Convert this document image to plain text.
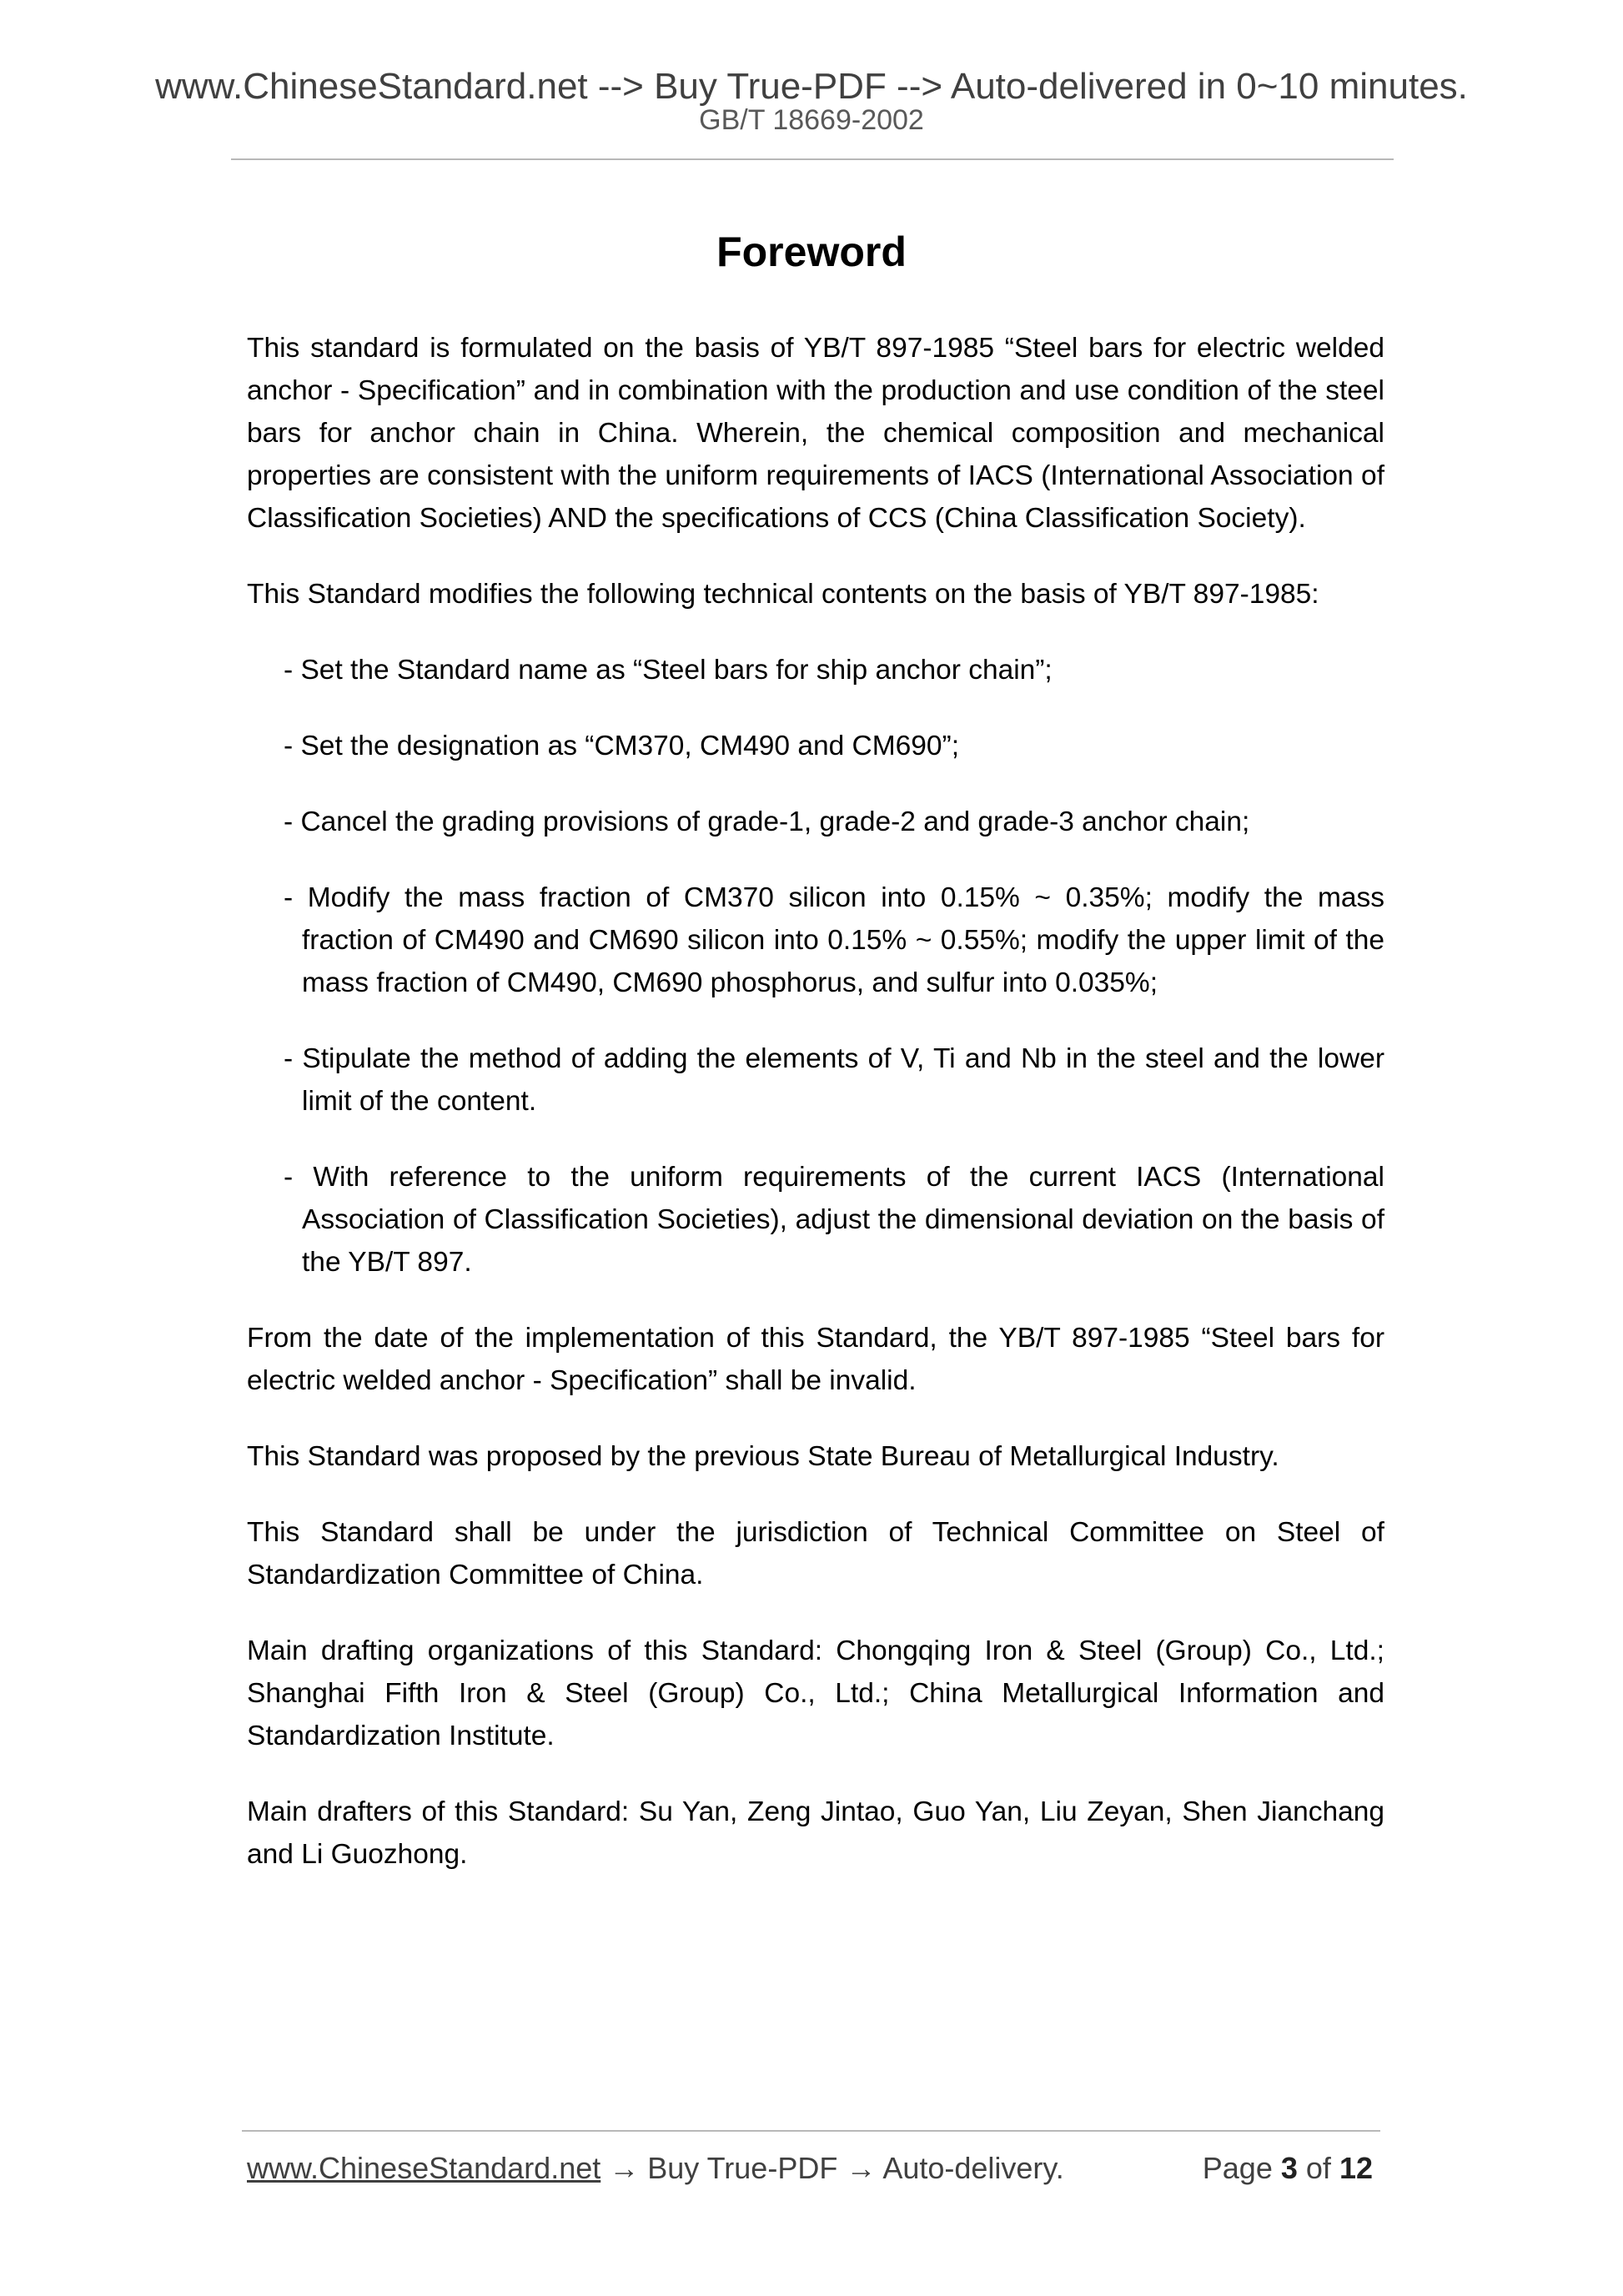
www.ChineseStandard.net --> Buy True-PDF --> Auto-delivered in 0~10 minutes.
GB/T 18669-2002
Foreword

This standard is formulated on the basis of YB/T 897-1985 “Steel bars for electric welded anchor - Specification” and in combination with the production and use condition of the steel bars for anchor chain in China. Wherein, the chemical composition and mechanical properties are consistent with the uniform requirements of IACS (International Association of Classification Societies) AND the specifications of CCS (China Classification Society).

This Standard modifies the following technical contents on the basis of YB/T 897-1985:

- Set the Standard name as “Steel bars for ship anchor chain”;
- Set the designation as “CM370, CM490 and CM690”;
- Cancel the grading provisions of grade-1, grade-2 and grade-3 anchor chain;
- Modify the mass fraction of CM370 silicon into 0.15% ~ 0.35%; modify the mass fraction of CM490 and CM690 silicon into 0.15% ~ 0.55%; modify the upper limit of the mass fraction of CM490, CM690 phosphorus, and sulfur into 0.035%;
- Stipulate the method of adding the elements of V, Ti and Nb in the steel and the lower limit of the content.
- With reference to the uniform requirements of the current IACS (International Association of Classification Societies), adjust the dimensional deviation on the basis of the YB/T 897.

From the date of the implementation of this Standard, the YB/T 897-1985 “Steel bars for electric welded anchor - Specification” shall be invalid.

This Standard was proposed by the previous State Bureau of Metallurgical Industry.

This Standard shall be under the jurisdiction of Technical Committee on Steel of Standardization Committee of China.

Main drafting organizations of this Standard: Chongqing Iron & Steel (Group) Co., Ltd.; Shanghai Fifth Iron & Steel (Group) Co., Ltd.; China Metallurgical Information and Standardization Institute.

Main drafters of this Standard: Su Yan, Zeng Jintao, Guo Yan, Liu Zeyan, Shen Jianchang and Li Guozhong.

www.ChineseStandard.net → Buy True-PDF → Auto-delivery.	Page 3 of 12
